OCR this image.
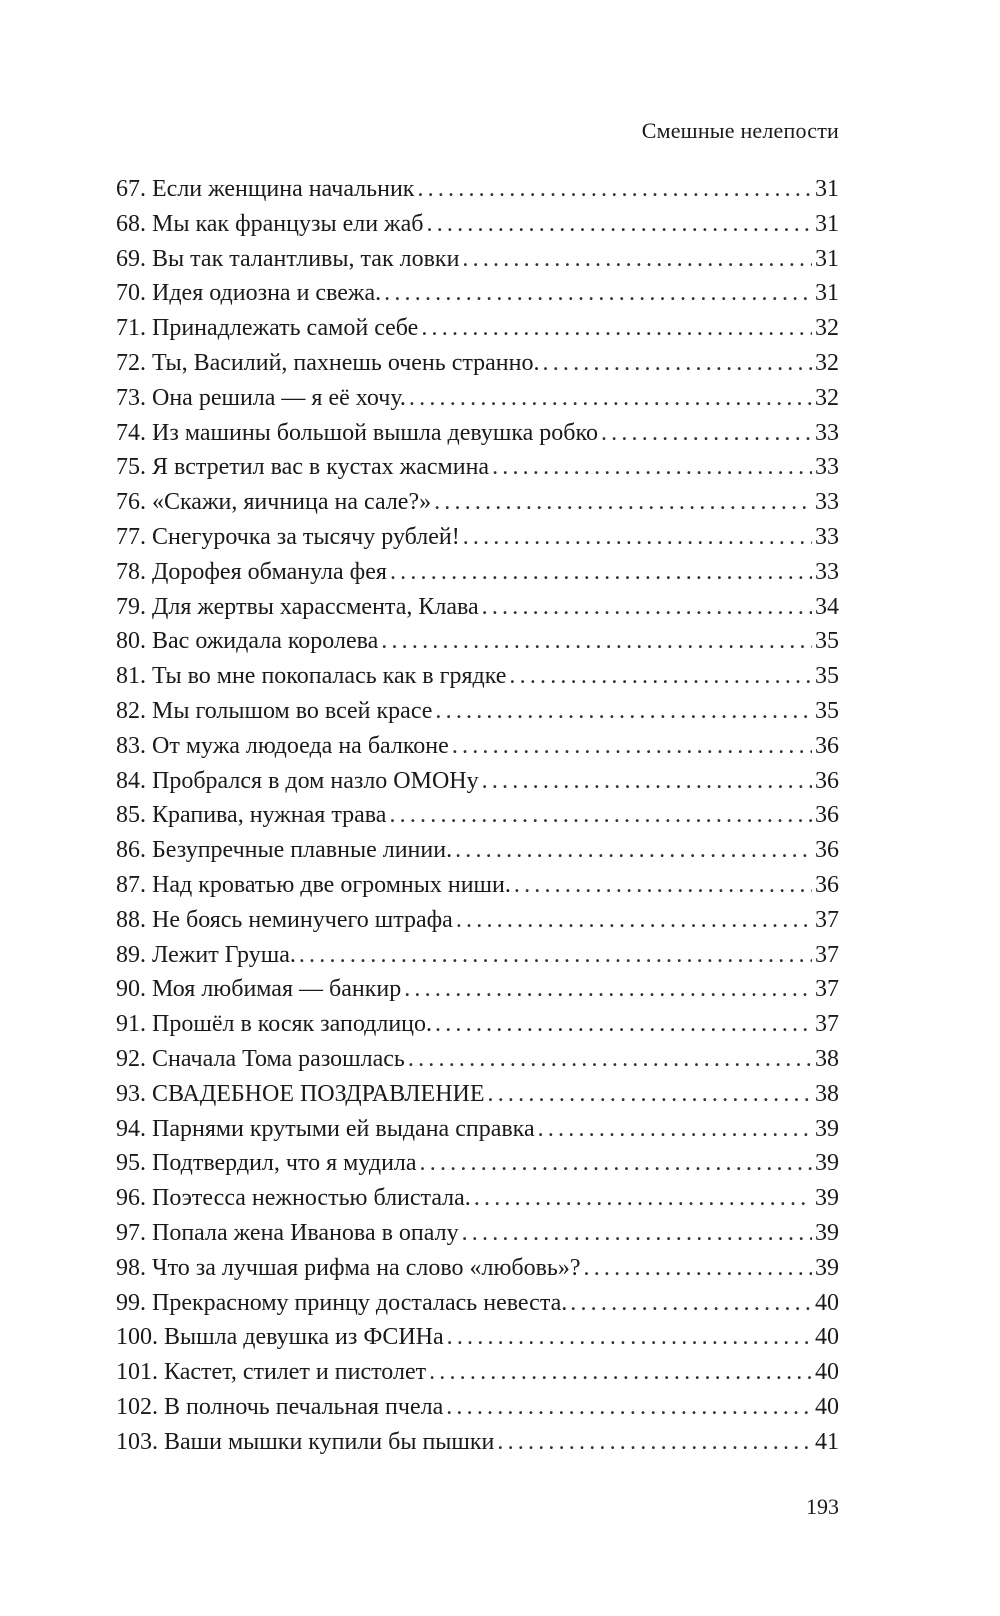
Смешные нелепости
67. Если женщина начальник .....	31
68. Мы как французы ели жаб .....	31
69. Вы так талантливы, так ловки .....	31
70. Идея одиозна и свежа. .....	31
71. Принадлежать самой себе .....	32
72. Ты, Василий, пахнешь очень странно. .....	32
73. Она решила — я её хочу. .....	32
74. Из машины большой вышла девушка робко .....	33
75. Я встретил вас в кустах жасмина .....	33
76. «Скажи, яичница на сале?» .....	33
77. Снегурочка за тысячу рублей! .....	33
78. Дорофея обманула фея .....	33
79. Для жертвы харассмента, Клава .....	34
80. Вас ожидала королева .....	35
81. Ты во мне покопалась как в грядке .....	35
82. Мы голышом во всей красе .....	35
83. От мужа людоеда на балконе .....	36
84. Пробрался в дом назло ОМОНу .....	36
85. Крапива, нужная трава .....	36
86. Безупречные плавные линии. .....	36
87. Над кроватью две огромных ниши. .....	36
88. Не боясь неминучего штрафа .....	37
89. Лежит Груша. .....	37
90. Моя любимая — банкир .....	37
91. Прошёл в косяк заподлицо. .....	37
92. Сначала Тома разошлась .....	38
93. СВАДЕБНОЕ ПОЗДРАВЛЕНИЕ .....	38
94. Парнями крутыми ей выдана справка .....	39
95. Подтвердил, что я мудила .....	39
96. Поэтесса нежностью блистала. .....	39
97. Попала жена Иванова в опалу .....	39
98. Что за лучшая рифма на слово «любовь»? .....	39
99. Прекрасному принцу досталась невеста. .....	40
100. Вышла девушка из ФСИНа .....	40
101. Кастет, стилет и пистолет .....	40
102. В полночь печальная пчела .....	40
103. Ваши мышки купили бы пышки .....	41
193
